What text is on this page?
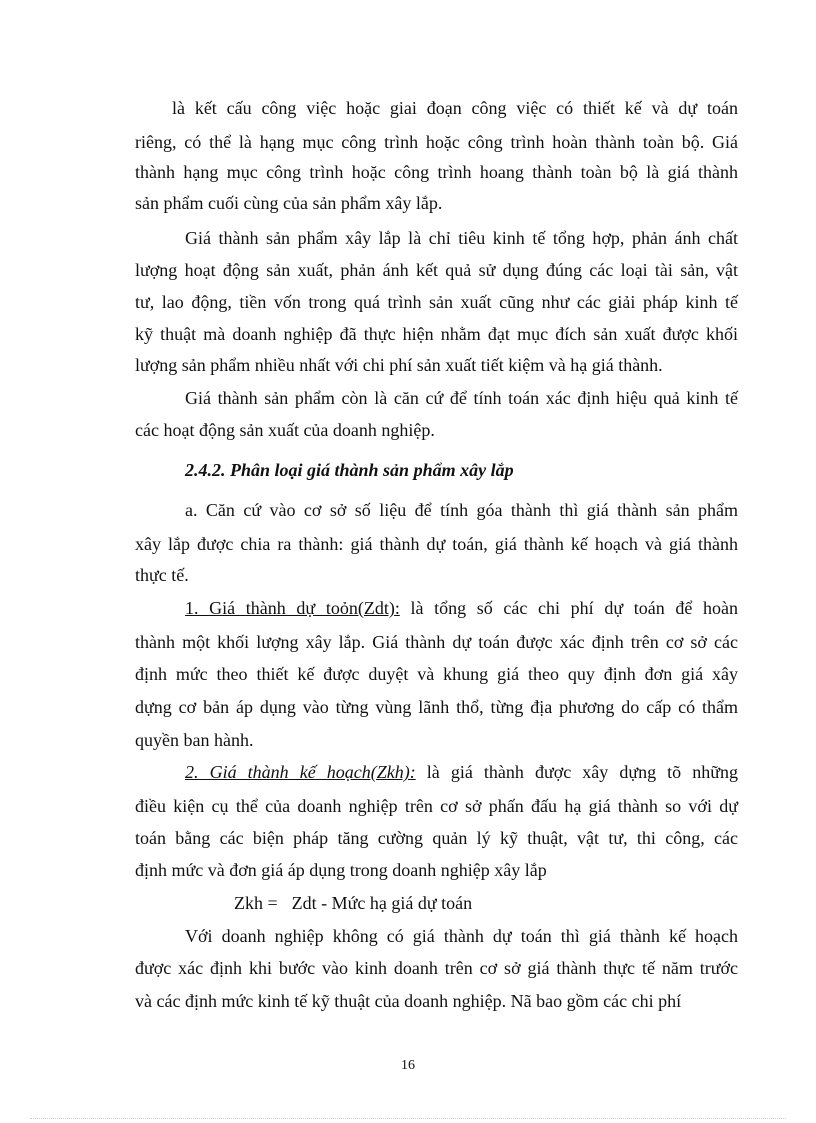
là kết cấu công việc hoặc giai đoạn công việc có thiết kế và dự toán
riêng, có thể là hạng mục công trình hoặc công trình hoàn thành toàn bộ. Giá
thành hạng mục công trình hoặc công trình hoang thành toàn bộ là giá thành
sản phẩm cuối cùng của sản phẩm xây lắp.
Giá thành sản phẩm xây lắp là chỉ tiêu kinh tế tổng hợp, phản ánh chất
lượng hoạt động sản xuất, phản ánh kết quả sử dụng đúng các loại tài sản, vật
tư, lao động, tiền vốn trong quá trình sản xuất cũng như các giải pháp kinh tế
kỹ thuật mà doanh nghiệp đã thực hiện nhằm đạt mục đích sản xuất được khối
lượng sản phẩm nhiều nhất với chi phí sản xuất tiết kiệm và hạ giá thành.
Giá thành sản phẩm còn là căn cứ để tính toán xác định hiệu quả kinh tế
các hoạt động sản xuất của doanh nghiệp.
2.4.2. Phân loại giá thành sản phẩm xây lắp
a. Căn cứ vào cơ sở số liệu để tính góa thành thì giá thành sản phẩm
xây lắp được chia ra thành: giá thành dự toán, giá thành kế hoạch và giá thành
thực tế.
1. Giá thành dự toỏn(Zdt): là tổng số các chi phí dự toán để hoàn
thành một khối lượng xây lắp. Giá thành dự toán được xác định trên cơ sở các
định mức theo thiết kế được duyệt và khung giá theo quy định đơn giá xây
dựng cơ bản áp dụng vào từng vùng lãnh thổ, từng địa phương do cấp có thẩm
quyền ban hành.
2. Giá thành kế hoạch(Zkh): là giá thành được xây dựng tõ những
điều kiện cụ thể của doanh nghiệp trên cơ sở phấn đấu hạ giá thành so với dự
toán bằng các biện pháp tăng cường quản lý kỹ thuật, vật tư, thi công, các
định mức và đơn giá áp dụng trong doanh nghiệp xây lắp
Zkh = Zdt - Mức hạ giá dự toán
Với doanh nghiệp không có giá thành dự toán thì giá thành kế hoạch
được xác định khi bước vào kinh doanh trên cơ sở giá thành thực tế năm trước
và các định mức kinh tế kỹ thuật của doanh nghiệp. Nã bao gồm các chi phí
16
